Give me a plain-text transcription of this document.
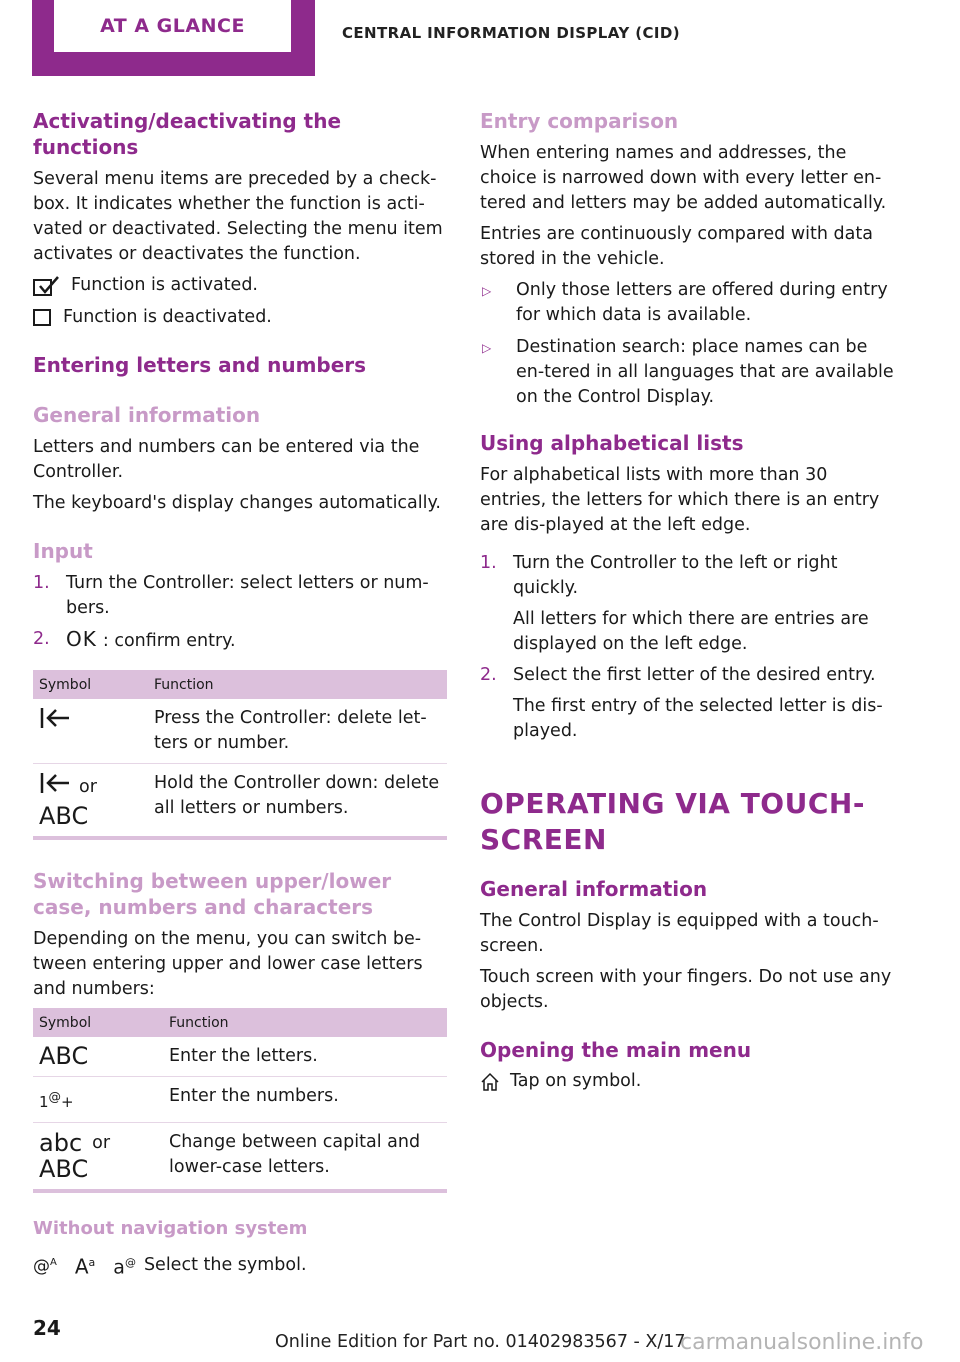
AT A GLANCE	CENTRAL INFORMATION DISPLAY (CID)
Activating/deactivating the functions

Several menu items are preceded by a check-box. It indicates whether the function is acti-vated or deactivated. Selecting the menu item activates or deactivates the function.

Function is activated.
Function is deactivated.
Entering letters and numbers
General information

Letters and numbers can be entered via the Controller.

The keyboard's display changes automatically.

Input
1. Turn the Controller: select letters or num-bers.
2. OK : confirm entry.
Symbol	Function
	Press the Controller: delete let-ters or number.

or
ABC	Hold the Controller down: delete all letters or numbers.
Switching between upper/lower case, numbers and characters

Depending on the menu, you can switch be-tween entering upper and lower case letters and numbers:

Symbol	Function
ABC	Enter the letters.
1@+	Enter the numbers.

abc or
ABC	Change between capital and lower-case letters.
Without navigation system
@$^A$ $A^a$ a@ Select the symbol.
Entry comparison

When entering names and addresses, the choice is narrowed down with every letter en-tered and letters may be added automatically.

Entries are continuously compared with data stored in the vehicle.

▷	Only those letters are offered during entry for which data is available.
▷	Destination search: place names can be en-tered in all languages that are available on the Control Display.
Using alphabetical lists

For alphabetical lists with more than 30 entries, the letters for which there is an entry are dis-played at the left edge.

1. Turn the Controller to the left or right quickly.
All letters for which there are entries are displayed on the left edge.
2. Select the first letter of the desired entry.
The first entry of the selected letter is dis-played.
OPERATING VIA TOUCH-
SCREEN
General information

The Control Display is equipped with a touch-screen.

Touch screen with your fingers. Do not use any objects.

Opening the main menu
Tap on symbol.
24
Online Edition for Part no. 01402983567 - X/17
carmanualsonline.info
